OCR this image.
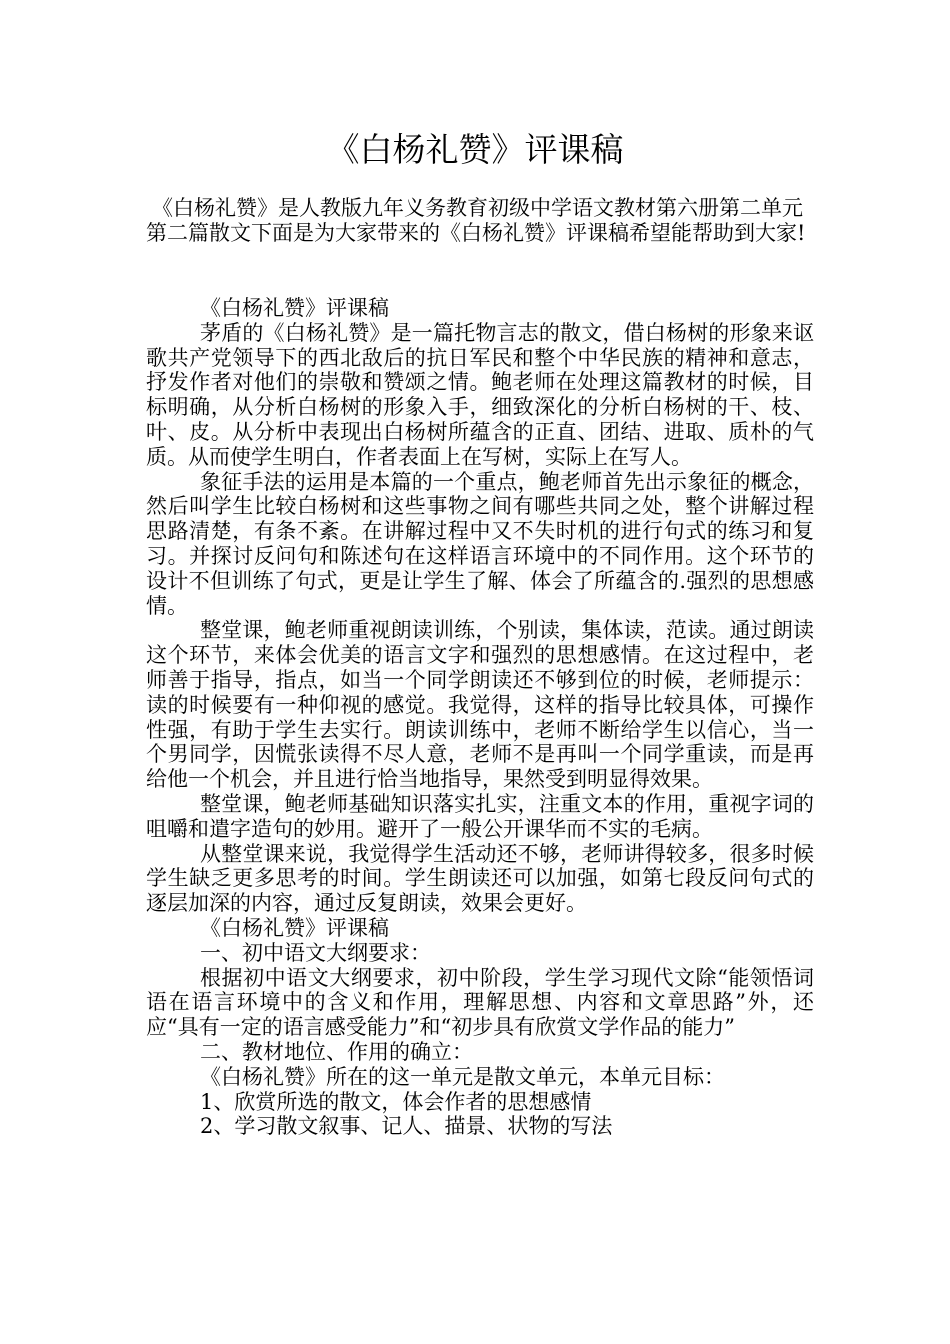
《白杨礼赞》评课稿

《白杨礼赞》是人教版九年义务教育初级中学语文教材第六册第二单元第二篇散文下面是为大家带来的《白杨礼赞》评课稿希望能帮助到大家!

《白杨礼赞》评课稿

茅盾的《白杨礼赞》是一篇托物言志的散文，借白杨树的形象来讴歌共产党领导下的西北敌后的抗日军民和整个中华民族的精神和意志，抒发作者对他们的崇敬和赞颂之情。鲍老师在处理这篇教材的时候，目标明确，从分析白杨树的形象入手，细致深化的分析白杨树的干、枝、叶、皮。从分析中表现出白杨树所蕴含的正直、团结、进取、质朴的气质。从而使学生明白，作者表面上在写树，实际上在写人。

象征手法的运用是本篇的一个重点，鲍老师首先出示象征的概念，然后叫学生比较白杨树和这些事物之间有哪些共同之处，整个讲解过程思路清楚，有条不紊。在讲解过程中又不失时机的进行句式的练习和复习。并探讨反问句和陈述句在这样语言环境中的不同作用。这个环节的设计不但训练了句式，更是让学生了解、体会了所蕴含的.强烈的思想感情。

整堂课，鲍老师重视朗读训练，个别读，集体读，范读。通过朗读这个环节，来体会优美的语言文字和强烈的思想感情。在这过程中，老师善于指导，指点，如当一个同学朗读还不够到位的时候，老师提示：读的时候要有一种仰视的感觉。我觉得，这样的指导比较具体，可操作性强，有助于学生去实行。朗读训练中，老师不断给学生以信心，当一个男同学，因慌张读得不尽人意，老师不是再叫一个同学重读，而是再给他一个机会，并且进行恰当地指导，果然受到明显得效果。

整堂课，鲍老师基础知识落实扎实，注重文本的作用，重视字词的咀嚼和遣字造句的妙用。避开了一般公开课华而不实的毛病。

从整堂课来说，我觉得学生活动还不够，老师讲得较多，很多时候学生缺乏更多思考的时间。学生朗读还可以加强，如第七段反问句式的逐层加深的内容，通过反复朗读，效果会更好。

《白杨礼赞》评课稿

一、初中语文大纲要求：

根据初中语文大纲要求，初中阶段，学生学习现代文除“能领悟词语在语言环境中的含义和作用，理解思想、内容和文章思路”外，还应“具有一定的语言感受能力”和“初步具有欣赏文学作品的能力”

二、教材地位、作用的确立：

《白杨礼赞》所在的这一单元是散文单元，本单元目标：

1、欣赏所选的散文，体会作者的思想感情

2、学习散文叙事、记人、描景、状物的写法
